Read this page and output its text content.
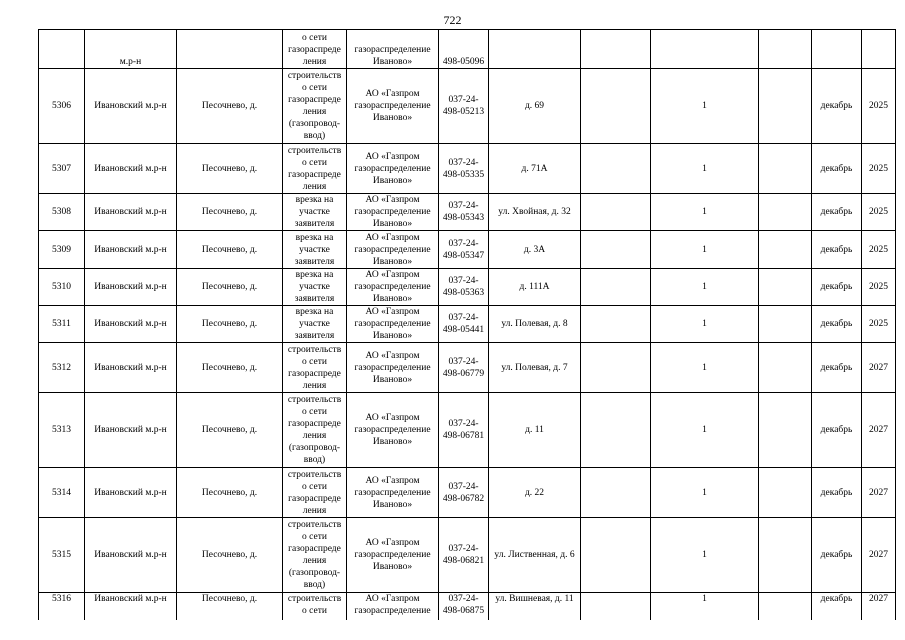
722
	м.р-н		о сети газораспреде ления	газораспределение Иваново»	498-05096						
5306	Ивановский м.р-н	Песочнево, д.	строительств о сети газораспреде ления (газопровод-ввод)	АО «Газпром газораспределение Иваново»	037-24-498-05213	д. 69		1		декабрь	2025
5307	Ивановский м.р-н	Песочнево, д.	строительств о сети газораспреде ления	АО «Газпром газораспределение Иваново»	037-24-498-05335	д. 71А		1		декабрь	2025
5308	Ивановский м.р-н	Песочнево, д.	врезка на участке заявителя	АО «Газпром газораспределение Иваново»	037-24-498-05343	ул. Хвойная, д. 32		1		декабрь	2025
5309	Ивановский м.р-н	Песочнево, д.	врезка на участке заявителя	АО «Газпром газораспределение Иваново»	037-24-498-05347	д. 3А		1		декабрь	2025
5310	Ивановский м.р-н	Песочнево, д.	врезка на участке заявителя	АО «Газпром газораспределение Иваново»	037-24-498-05363	д. 111А		1		декабрь	2025
5311	Ивановский м.р-н	Песочнево, д.	врезка на участке заявителя	АО «Газпром газораспределение Иваново»	037-24-498-05441	ул. Полевая, д. 8		1		декабрь	2025
5312	Ивановский м.р-н	Песочнево, д.	строительств о сети газораспреде ления	АО «Газпром газораспределение Иваново»	037-24-498-06779	ул. Полевая, д. 7		1		декабрь	2027
5313	Ивановский м.р-н	Песочнево, д.	строительств о сети газораспреде ления (газопровод-ввод)	АО «Газпром газораспределение Иваново»	037-24-498-06781	д. 11		1		декабрь	2027
5314	Ивановский м.р-н	Песочнево, д.	строительств о сети газораспреде ления	АО «Газпром газораспределение Иваново»	037-24-498-06782	д. 22		1		декабрь	2027
5315	Ивановский м.р-н	Песочнево, д.	строительств о сети газораспреде ления (газопровод-ввод)	АО «Газпром газораспределение Иваново»	037-24-498-06821	ул. Лиственная, д. 6		1		декабрь	2027
5316	Ивановский м.р-н	Песочнево, д.	строительств о сети	АО «Газпром газораспределение	037-24-498-06875	ул. Вишневая, д. 11		1		декабрь	2027
